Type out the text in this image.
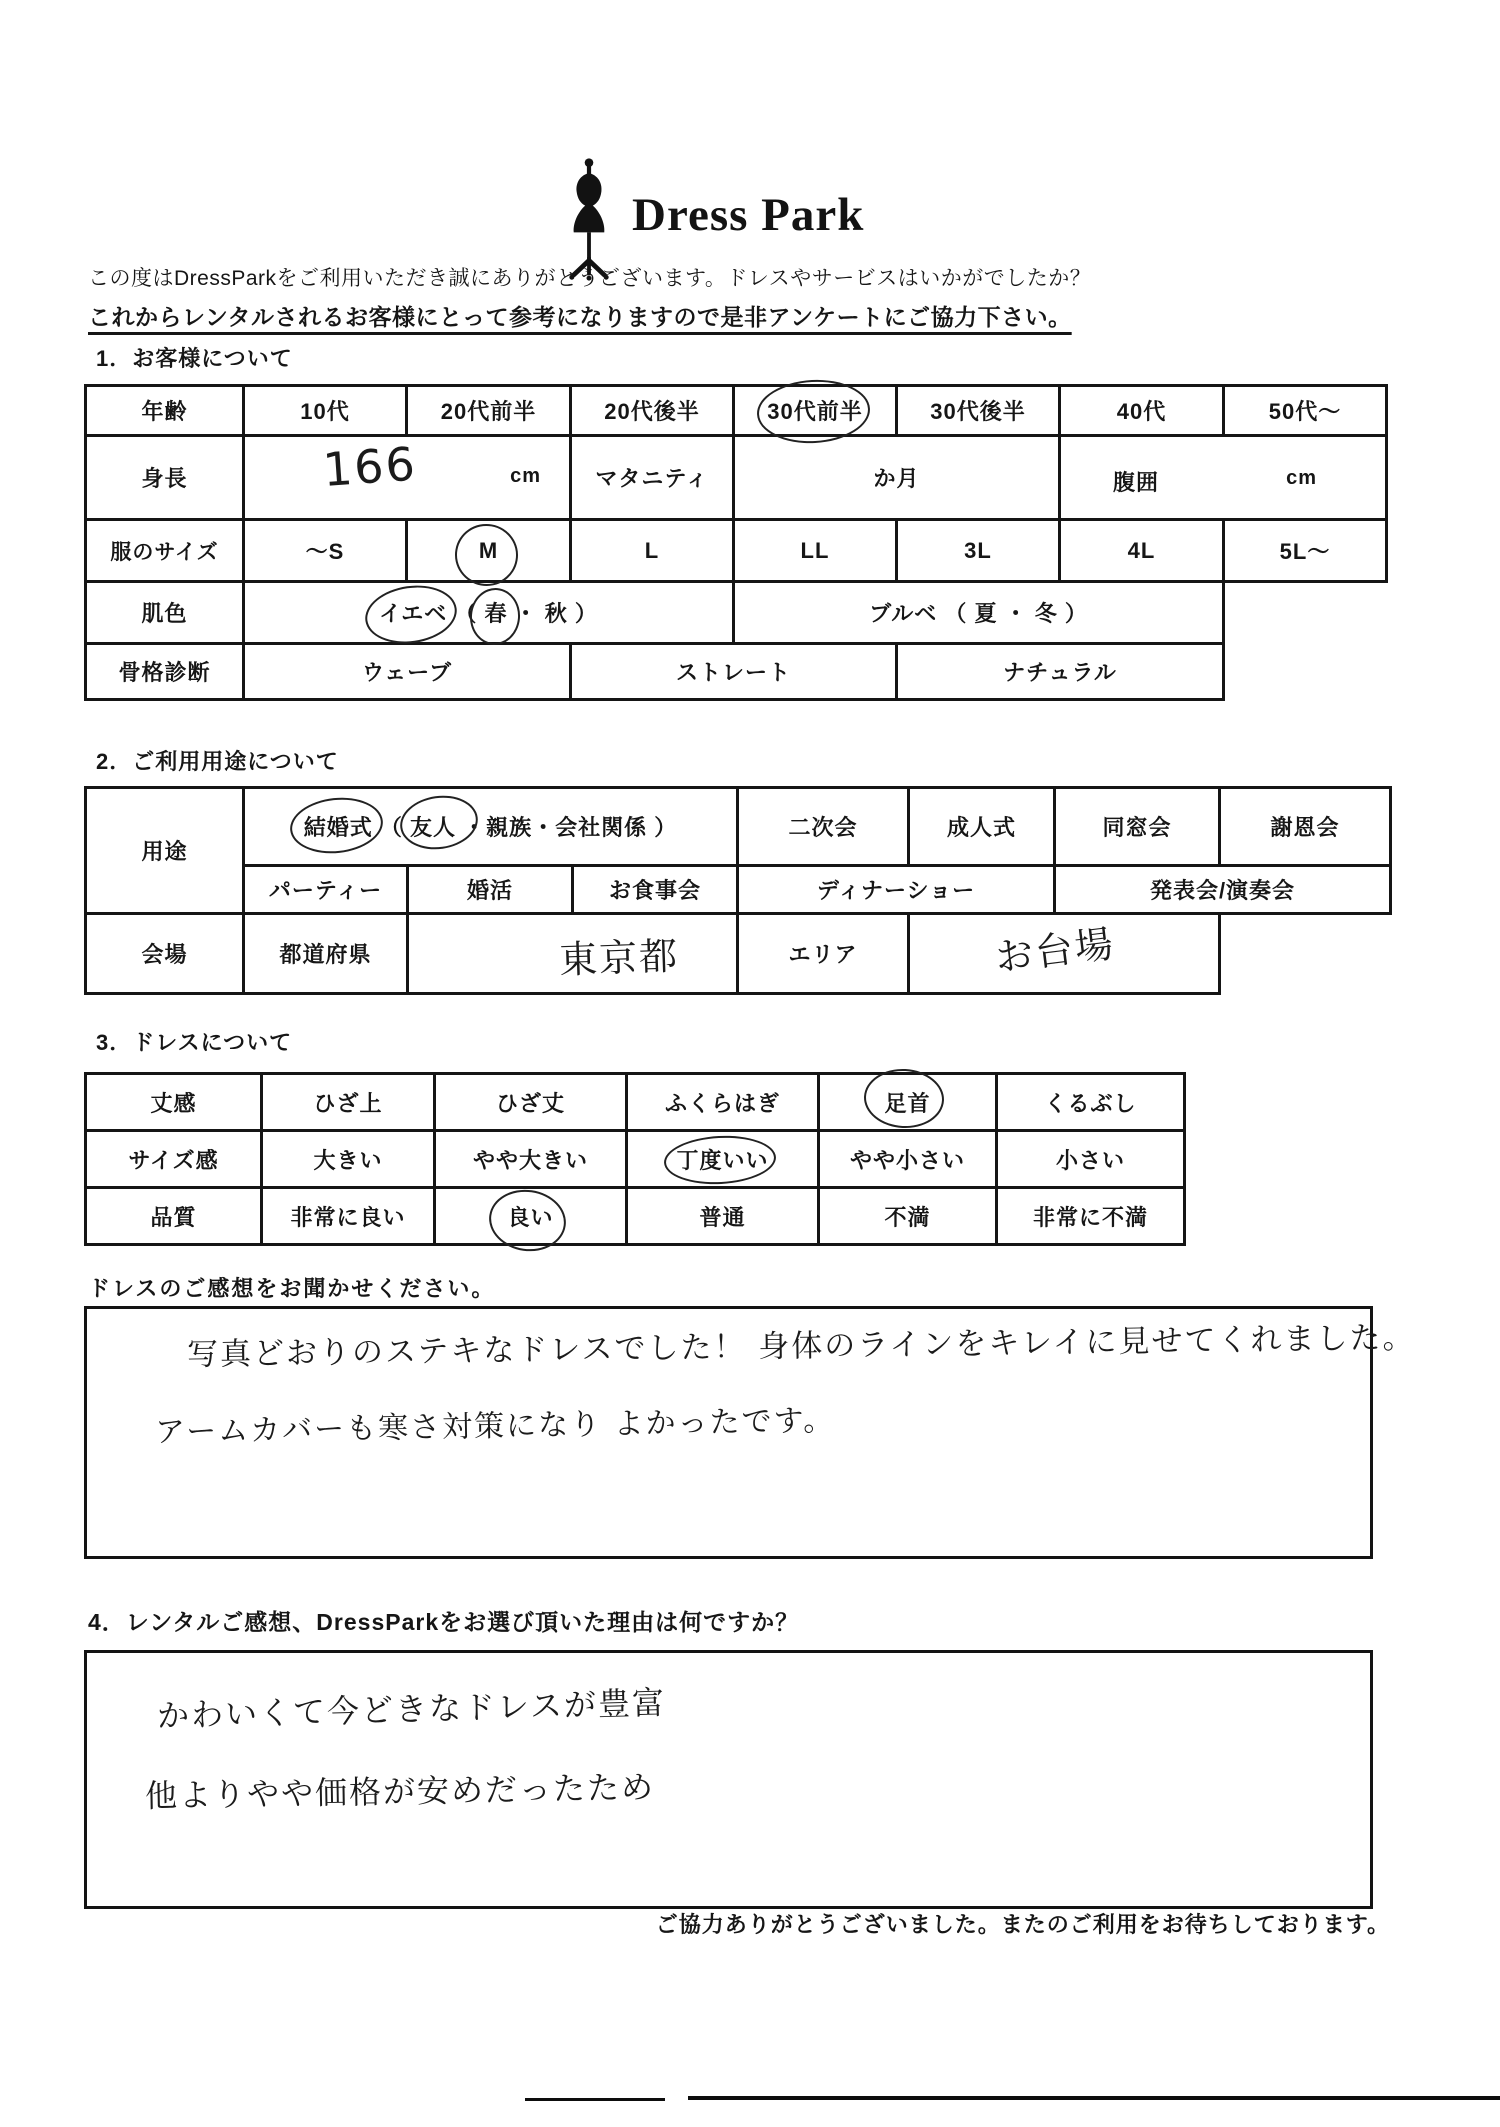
Dress Park
この度はDressParkをご利用いただき誠にありがとうございます。ドレスやサービスはいかがでしたか？
これからレンタルされるお客様にとって参考になりますので是非アンケートにご協力下さい。
1．お客様について
年齢	10代	20代前半	20代後半	30代前半	30代後半	40代	50代～
身長	166 cm		マタニティ	か月		腹囲 cm	

服のサイズ	～S	M	L	LL	3L	4L	5L～
肌色	イエベ （ 春 ・ 秋 ）			ブルベ （ 夏 ・ 冬 ）			
骨格診断	ウェーブ		ストレート		ナチュラル		
2．ご利用用途について
用途	結婚式 （ 友人 ・親族・会社関係 ）			二次会	成人式	同窓会	謝恩会
	パーティー	婚活	お食事会	ディナーショー		発表会/演奏会	
会場	都道府県	東京都		エリア	お台場		

3．ドレスについて
丈感	ひざ上	ひざ丈	ふくらはぎ	足首	くるぶし
サイズ感	大きい	やや大きい	丁度いい	やや小さい	小さい
品質	非常に良い	良い	普通	不満	非常に不満
ドレスのご感想をお聞かせください。
写真どおりのステキなドレスでした！ 身体のラインをキレイに見せてくれました。
アームカバーも寒さ対策になり よかったです。
4．レンタルご感想、DressParkをお選び頂いた理由は何ですか？
かわいくて今どきなドレスが豊富
他よりやや価格が安めだったため
ご協力ありがとうございました。またのご利用をお待ちしております。
